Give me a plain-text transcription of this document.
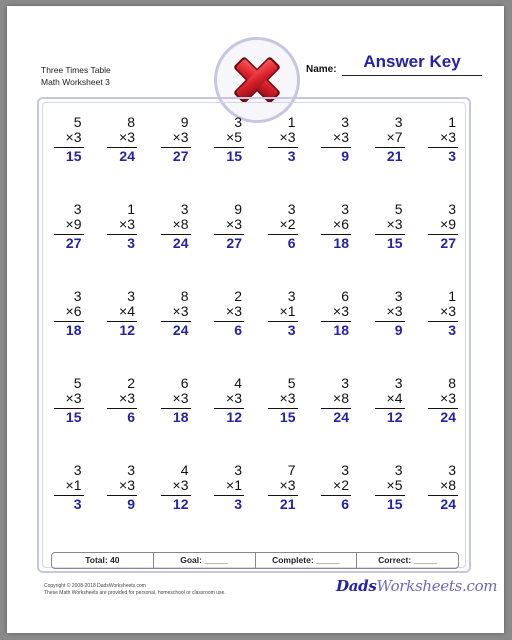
Three Times Table
Math Worksheet 3
Name:	Answer Key
5
×3
15
8
×3
24
9
×3
27
3
×5
15
1
×3
3
3
×3
9
3
×7
21
1
×3
3
3
×9
27
1
×3
3
3
×8
24
9
×3
27
3
×2
6
3
×6
18
5
×3
15
3
×9
27
3
×6
18
3
×4
12
8
×3
24
2
×3
6
3
×1
3
6
×3
18
3
×3
9
1
×3
3
5
×3
15
2
×3
6
6
×3
18
4
×3
12
5
×3
15
3
×8
24
3
×4
12
8
×3
24
3
×1
3
3
×3
9
4
×3
12
3
×1
3
7
×3
21
3
×2
6
3
×5
15
3
×8
24
Total: 40	Goal: _____	Complete: _____	Correct: _____
Copyright © 2008-2018 DadsWorksheets.com
These Math Worksheets are provided for personal, homeschool or classroom use.	DadsWorksheets.com
